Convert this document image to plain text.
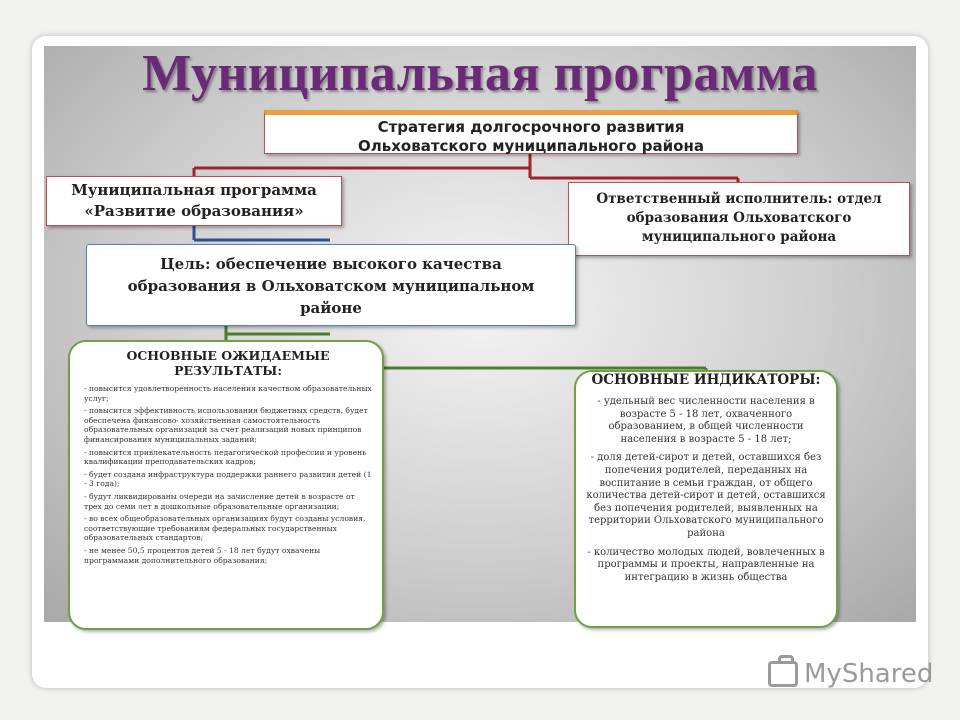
Муниципальная программа
Стратегия долгосрочного развития
Ольховатского муниципального района
Муниципальная программа
«Развитие образования»
Ответственный исполнитель: отдел
образования Ольховатского
муниципального района
Цель: обеспечение высокого качества образования в Ольховатском муниципальном районе
ОСНОВНЫЕ ОЖИДАЕМЫЕ РЕЗУЛЬТАТЫ:
- повысится удовлетворенность населения качеством образовательных услуг;
- повысится эффективность использования бюджетных средств, будет обеспечена финансово- хозяйственная самостоятельность образовательных организаций за счет реализаций новых принципов финансирования муниципальных заданий;
- повысится привлекательность педагогической профессии и уровень квалификации преподавательских кадров;
- будет создана инфраструктура поддержки раннего развития детей (1 - 3 года);
- будут ликвидированы очереди на зачисление детей в возрасте от трех до семи лет в дошкольные образовательные организации;
- во всех общеобразовательных организациях будут созданы условия, соответствующие требованиям федеральных государственных образовательных стандартов;
- не менее 50,5 процентов детей 5 - 18 лет будут охвачены программами дополнительного образования;
ОСНОВНЫЕ ИНДИКАТОРЫ:
- удельный вес численности населения в возрасте 5 - 18 лет, охваченного образованием, в общей численности населения в возрасте 5 - 18 лет;
- доля детей-сирот и детей, оставшихся без попечения родителей, переданных на воспитание в семьи граждан, от общего количества детей-сирот и детей, оставшихся без попечения родителей, выявленных на территории Ольховатского муниципального района
- количество молодых людей, вовлеченных в программы и проекты, направленные на интеграцию в жизнь общества
MyShared
